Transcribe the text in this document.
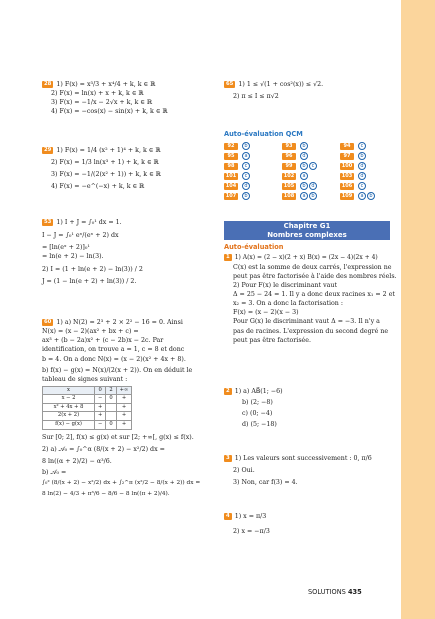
28 1) F(x) = x³/3 + x⁴/4 + k, k ∈ ℝ
2) F(x) = ln(x) + x + k, k ∈ ℝ
3) F(x) = −1/x − 2√x + k, k ∈ ℝ
4) F(x) = −cos(x) − sin(x) + k, k ∈ ℝ
29 1) F(x) = 1/4 (x² + 1)⁴ + k, k ∈ ℝ
2) F(x) = 1/3 ln(x³ + 1) + k, k ∈ ℝ
3) F(x) = −1/(2(x² + 1)) + k, k ∈ ℝ
4) F(x) = −e^(−x) + k, k ∈ ℝ
53 1) I + J = ∫₀¹ dx = 1.
I − J = ∫₀¹ eˣ/(eˣ + 2) dx
= [ln(eˣ + 2)]₀¹
= ln(e + 2) − ln(3).
2) I = (1 + ln(e + 2) − ln(3)) / 2
J = (1 − ln(e + 2) + ln(3)) / 2.
60 1) a) N(2) = 2³ + 2 × 2² − 16 = 0. Ainsi
N(x) = (x − 2)(ax² + bx + c) =
ax³ + (b − 2a)x² + (c − 2b)x − 2c. Par
identification, on trouve a = 1, c = 8 et donc
b = 4. On a donc N(x) = (x − 2)(x² + 4x + 8).
b) f(x) − g(x) = N(x)/(2(x + 2)). On en déduit le
tableau de signes suivant :
x	0	2	+∞
x − 2	−	0	+
x² + 4x + 8	+		+
2(x + 2)	+		+
f(x) − g(x)	−	0	+
Sur [0; 2], f(x) ≤ g(x) et sur [2; +∞[, g(x) ≤ f(x).
2) a) 𝒜₀ = ∫₀^α (8/(x + 2) − x²/2) dx =
8 ln((α + 2)/2) − α³/6.
b) 𝒜₀ =
∫₀² (8/(x + 2) − x²/2) dx + ∫₂^π (x²/2 − 8/(x + 2)) dx =
8 ln(2) − 4/3 + π³/6 − 8/6 − 8 ln((π + 2)/4).
65 1) 1 ≤ √(1 + cos²(x)) ≤ √2.
2) π ≤ I ≤ π√2
Auto-évaluation QCM
92	b	93	b	94	c
95	a	96	d	97	b
98	c	99	b	c	100	d
101	c	102	a	103	d
104	d	105	b	d	106	c
107	b	108	a	b	109	a	b
Chapitre G1
Nombres complexes
Auto-évaluation
1 1) A(x) = (2 − x)(2 + x) B(x) = (2x − 4)(2x + 4)
C(x) est la somme de deux carrés, l'expression ne
peut pas être factorisée à l'aide des nombres réels.
2) Pour F(x) le discriminant vaut
Δ = 25 − 24 = 1. Il y a donc deux racines x₁ = 2 et
x₂ = 3. On a donc la factorisation :
F(x) = (x − 2)(x − 3)
Pour G(x) le discriminant vaut Δ = −3. Il n'y a
pas de racines. L'expression du second degré ne
peut pas être factorisée.
2 1) a) AB⃗(1; −6)
b) (2; −8)
c) (0; −4)
d) (5; −18)
3 1) Les valeurs sont successivement : 0, π/6
2) Oui.
3) Non, car f(3) = 4.
4 1) x = π/3
2) x = −π/3
SOLUTIONS 435
